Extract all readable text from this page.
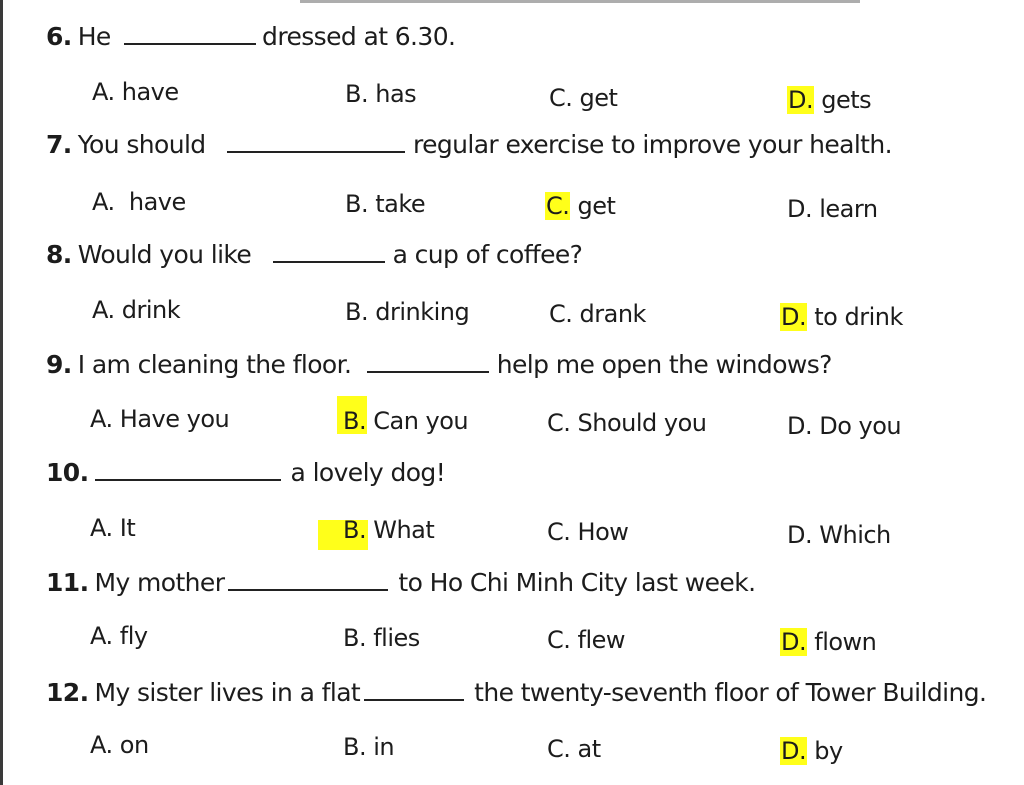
6. He	dressed at 6.30.
A. have	B. has	C. get	D. gets
7. You should	regular exercise to improve your health.
A. have	B. take	C. get	D. learn
8. Would you like	a cup of coffee?
A. drink	B. drinking	C. drank	D. to drink
9. I am cleaning the floor.	help me open the windows?
A. Have you	B. Can you	C. Should you	D. Do you
10.	a lovely dog!
A. It	B. What	C. How	D. Which
11. My mother	to Ho Chi Minh City last week.
A. fly	B. flies	C. flew	D. flown
12. My sister lives in a flat	the twenty-seventh floor of Tower Building.
A. on	B. in	C. at	D. by
